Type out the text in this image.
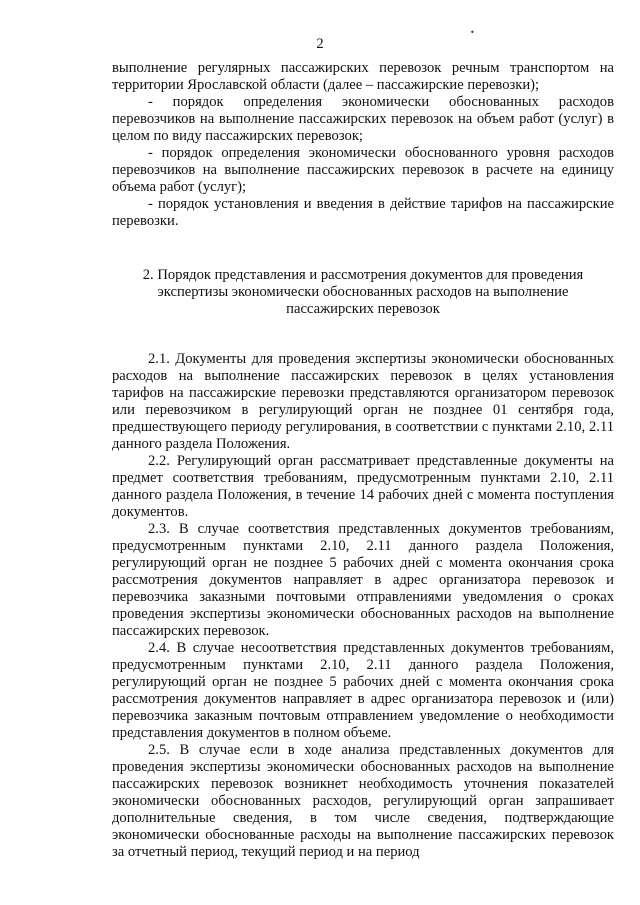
2

выполнение регулярных пассажирских перевозок речным транспортом на территории Ярославской области (далее – пассажирские перевозки);

- порядок определения экономически обоснованных расходов перевозчиков на выполнение пассажирских перевозок на объем работ (услуг) в целом по виду пассажирских перевозок;

- порядок определения экономически обоснованного уровня расходов перевозчиков на выполнение пассажирских перевозок в расчете на единицу объема работ (услуг);

- порядок установления и введения в действие тарифов на пассажирские перевозки.

2. Порядок представления и рассмотрения документов для проведения
экспертизы экономически обоснованных расходов на выполнение
пассажирских перевозок

2.1. Документы для проведения экспертизы экономически обоснованных расходов на выполнение пассажирских перевозок в целях установления тарифов на пассажирские перевозки представляются организатором перевозок или перевозчиком в регулирующий орган не позднее 01 сентября года, предшествующего периоду регулирования, в соответствии с пунктами 2.10, 2.11 данного раздела Положения.

2.2. Регулирующий орган рассматривает представленные документы на предмет соответствия требованиям, предусмотренным пунктами 2.10, 2.11 данного раздела Положения, в течение 14 рабочих дней с момента поступления документов.

2.3. В случае соответствия представленных документов требованиям, предусмотренным пунктами 2.10, 2.11 данного раздела Положения, регулирующий орган не позднее 5 рабочих дней с момента окончания срока рассмотрения документов направляет в адрес организатора перевозок и перевозчика заказными почтовыми отправлениями уведомления о сроках проведения экспертизы экономически обоснованных расходов на выполнение пассажирских перевозок.

2.4. В случае несоответствия представленных документов требованиям, предусмотренным пунктами 2.10, 2.11 данного раздела Положения, регулирующий орган не позднее 5 рабочих дней с момента окончания срока рассмотрения документов направляет в адрес организатора перевозок и (или) перевозчика заказным почтовым отправлением уведомление о необходимости представления документов в полном объеме.

2.5. В случае если в ходе анализа представленных документов для проведения экспертизы экономически обоснованных расходов на выполнение пассажирских перевозок возникнет необходимость уточнения показателей экономически обоснованных расходов, регулирующий орган запрашивает дополнительные сведения, в том числе сведения, подтверждающие экономически обоснованные расходы на выполнение пассажирских перевозок за отчетный период, текущий период и на период

•
